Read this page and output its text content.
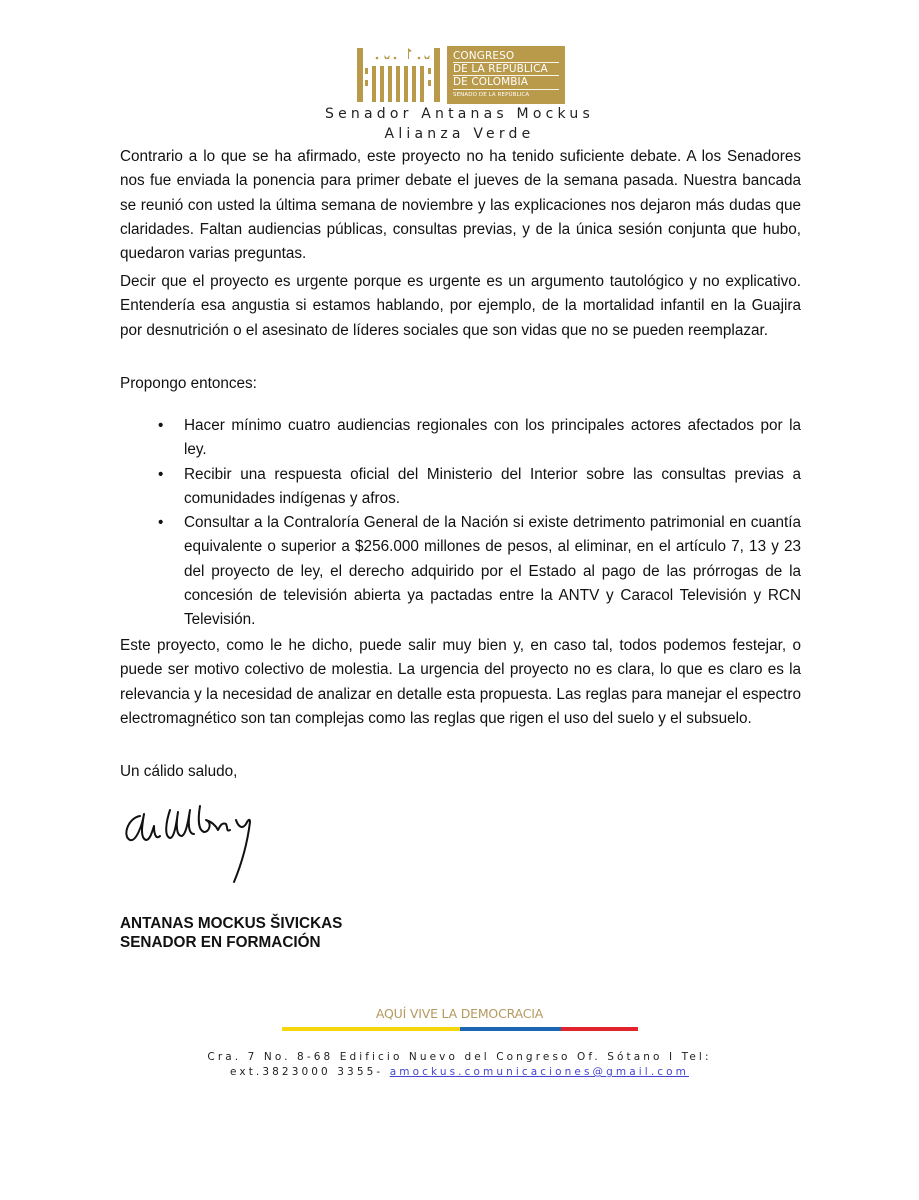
CONGRESO
DE LA REPÚBLICA
DE COLOMBIA
SENADO DE LA REPÚBLICA
Senador Antanas Mockus
Alianza Verde

Contrario a lo que se ha afirmado, este proyecto no ha tenido suficiente debate. A los Senadores nos fue enviada la ponencia para primer debate el jueves de la semana pasada. Nuestra bancada se reunió con usted la última semana de noviembre y las explicaciones nos dejaron más dudas que claridades. Faltan audiencias públicas, consultas previas, y de la única sesión conjunta que hubo, quedaron varias preguntas.

Decir que el proyecto es urgente porque es urgente es un argumento tautológico y no explicativo. Entendería esa angustia si estamos hablando, por ejemplo, de la mortalidad infantil en la Guajira por desnutrición o el asesinato de líderes sociales que son vidas que no se pueden reemplazar.

Propongo entonces:

• Hacer mínimo cuatro audiencias regionales con los principales actores afectados por la ley.
• Recibir una respuesta oficial del Ministerio del Interior sobre las consultas previas a comunidades indígenas y afros.
• Consultar a la Contraloría General de la Nación si existe detrimento patrimonial en cuantía equivalente o superior a $256.000 millones de pesos, al eliminar, en el artículo 7, 13 y 23 del proyecto de ley, el derecho adquirido por el Estado al pago de las prórrogas de la concesión de televisión abierta ya pactadas entre la ANTV y Caracol Televisión y RCN Televisión.

Este proyecto, como le he dicho, puede salir muy bien y, en caso tal, todos podemos festejar, o puede ser motivo colectivo de molestia. La urgencia del proyecto no es clara, lo que es claro es la relevancia y la necesidad de analizar en detalle esta propuesta. Las reglas para manejar el espectro electromagnético son tan complejas como las reglas que rigen el uso del suelo y el subsuelo.

Un cálido saludo,

ANTANAS MOCKUS ŠIVICKAS
SENADOR EN FORMACIÓN
AQUÍ VIVE LA DEMOCRACIA
Cra. 7 No. 8-68 Edificio Nuevo del Congreso Of. Sótano I Tel:
ext.3823000 3355- amockus.comunicaciones@gmail.com
